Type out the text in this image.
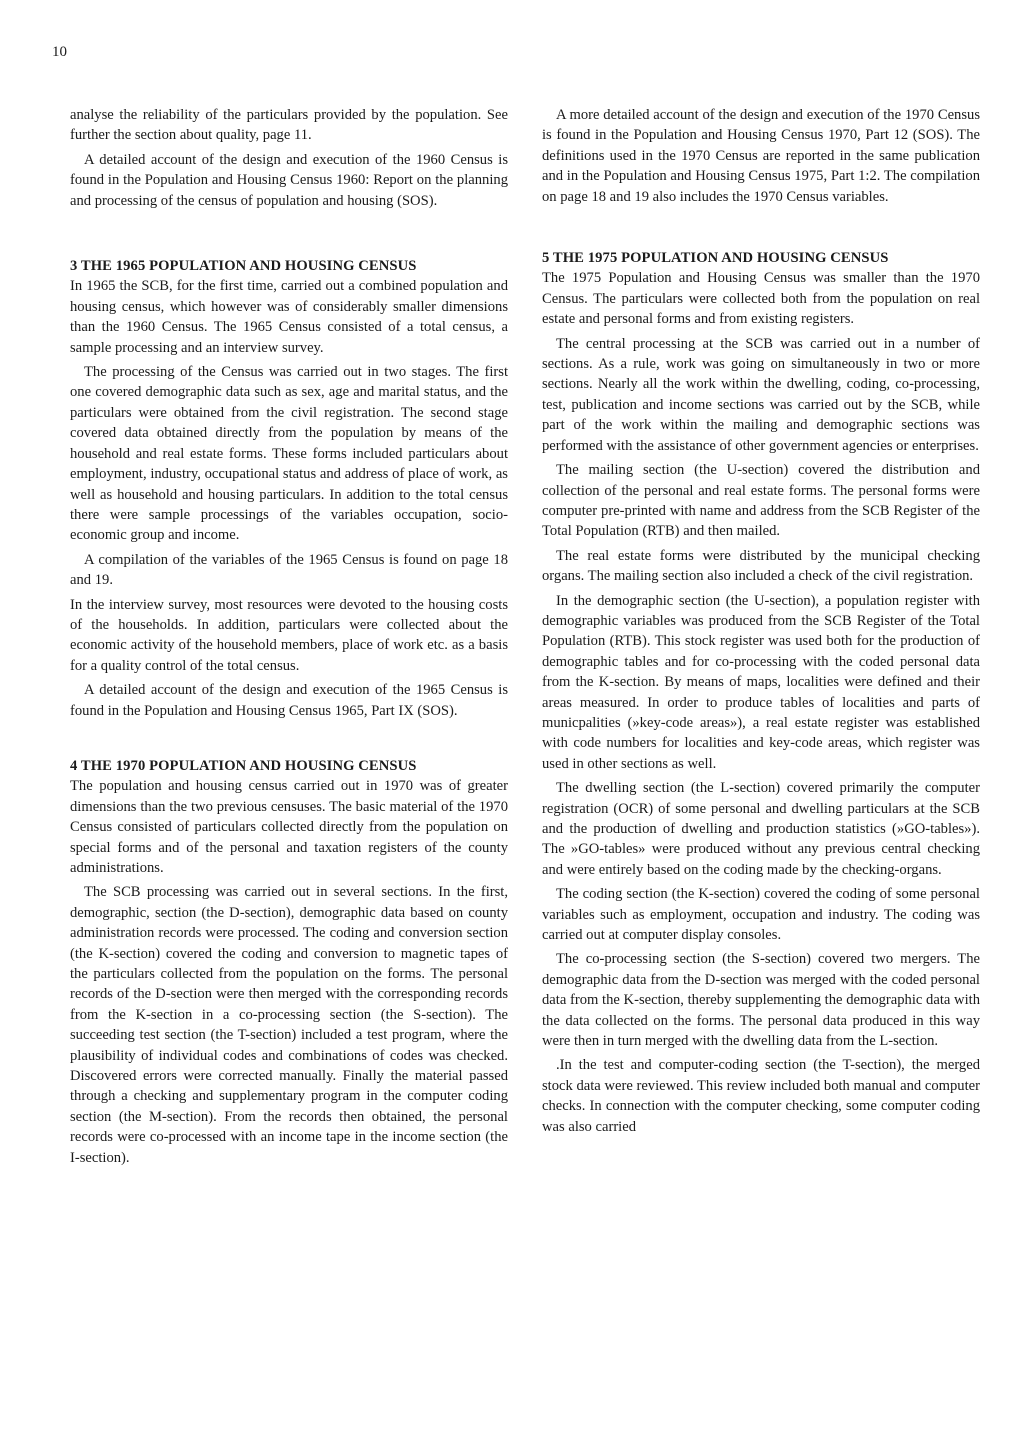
10

analyse the reliability of the particulars provided by the population. See further the section about quality, page 11.

A detailed account of the design and execution of the 1960 Census is found in the Population and Housing Census 1960: Report on the planning and processing of the census of population and housing (SOS).

3 THE 1965 POPULATION AND HOUSING CENSUS

In 1965 the SCB, for the first time, carried out a combined population and housing census, which however was of considerably smaller dimensions than the 1960 Census. The 1965 Census consisted of a total census, a sample processing and an interview survey.

The processing of the Census was carried out in two stages. The first one covered demographic data such as sex, age and marital status, and the particulars were obtained from the civil registration. The second stage covered data obtained directly from the population by means of the household and real estate forms. These forms included particulars about employment, industry, occupational status and address of place of work, as well as household and housing particulars. In addition to the total census there were sample processings of the variables occupation, socio-economic group and income.

A compilation of the variables of the 1965 Census is found on page 18 and 19.

In the interview survey, most resources were devoted to the housing costs of the households. In addition, particulars were collected about the economic activity of the household members, place of work etc. as a basis for a quality control of the total census.

A detailed account of the design and execution of the 1965 Census is found in the Population and Housing Census 1965, Part IX (SOS).

4 THE 1970 POPULATION AND HOUSING CENSUS

The population and housing census carried out in 1970 was of greater dimensions than the two previous censuses. The basic material of the 1970 Census consisted of particulars collected directly from the population on special forms and of the personal and taxation registers of the county administrations.

The SCB processing was carried out in several sections. In the first, demographic, section (the D-section), demographic data based on county administration records were processed. The coding and conversion section (the K-section) covered the coding and conversion to magnetic tapes of the particulars collected from the population on the forms. The personal records of the D-section were then merged with the corresponding records from the K-section in a co-processing section (the S-section). The succeeding test section (the T-section) included a test program, where the plausibility of individual codes and combinations of codes was checked. Discovered errors were corrected manually. Finally the material passed through a checking and supplementary program in the computer coding section (the M-section). From the records then obtained, the personal records were co-processed with an income tape in the income section (the I-section).

A more detailed account of the design and execution of the 1970 Census is found in the Population and Housing Census 1970, Part 12 (SOS). The definitions used in the 1970 Census are reported in the same publication and in the Population and Housing Census 1975, Part 1:2. The compilation on page 18 and 19 also includes the 1970 Census variables.

5 THE 1975 POPULATION AND HOUSING CENSUS

The 1975 Population and Housing Census was smaller than the 1970 Census. The particulars were collected both from the population on real estate and personal forms and from existing registers.

The central processing at the SCB was carried out in a number of sections. As a rule, work was going on simultaneously in two or more sections. Nearly all the work within the dwelling, coding, co-processing, test, publication and income sections was carried out by the SCB, while part of the work within the mailing and demographic sections was performed with the assistance of other government agencies or enterprises.

The mailing section (the U-section) covered the distribution and collection of the personal and real estate forms. The personal forms were computer pre-printed with name and address from the SCB Register of the Total Population (RTB) and then mailed.

The real estate forms were distributed by the municipal checking organs. The mailing section also included a check of the civil registration.

In the demographic section (the U-section), a population register with demographic variables was produced from the SCB Register of the Total Population (RTB). This stock register was used both for the production of demographic tables and for co-processing with the coded personal data from the K-section. By means of maps, localities were defined and their areas measured. In order to produce tables of localities and parts of municpalities (»key-code areas»), a real estate register was established with code numbers for localities and key-code areas, which register was used in other sections as well.

The dwelling section (the L-section) covered primarily the computer registration (OCR) of some personal and dwelling particulars at the SCB and the production of dwelling and production statistics (»GO-tables»). The »GO-tables» were produced without any previous central checking and were entirely based on the coding made by the checking-organs.

The coding section (the K-section) covered the coding of some personal variables such as employment, occupation and industry. The coding was carried out at computer display consoles.

The co-processing section (the S-section) covered two mergers. The demographic data from the D-section was merged with the coded personal data from the K-section, thereby supplementing the demographic data with the data collected on the forms. The personal data produced in this way were then in turn merged with the dwelling data from the L-section.

.In the test and computer-coding section (the T-section), the merged stock data were reviewed. This review included both manual and computer checks. In connection with the computer checking, some computer coding was also carried
